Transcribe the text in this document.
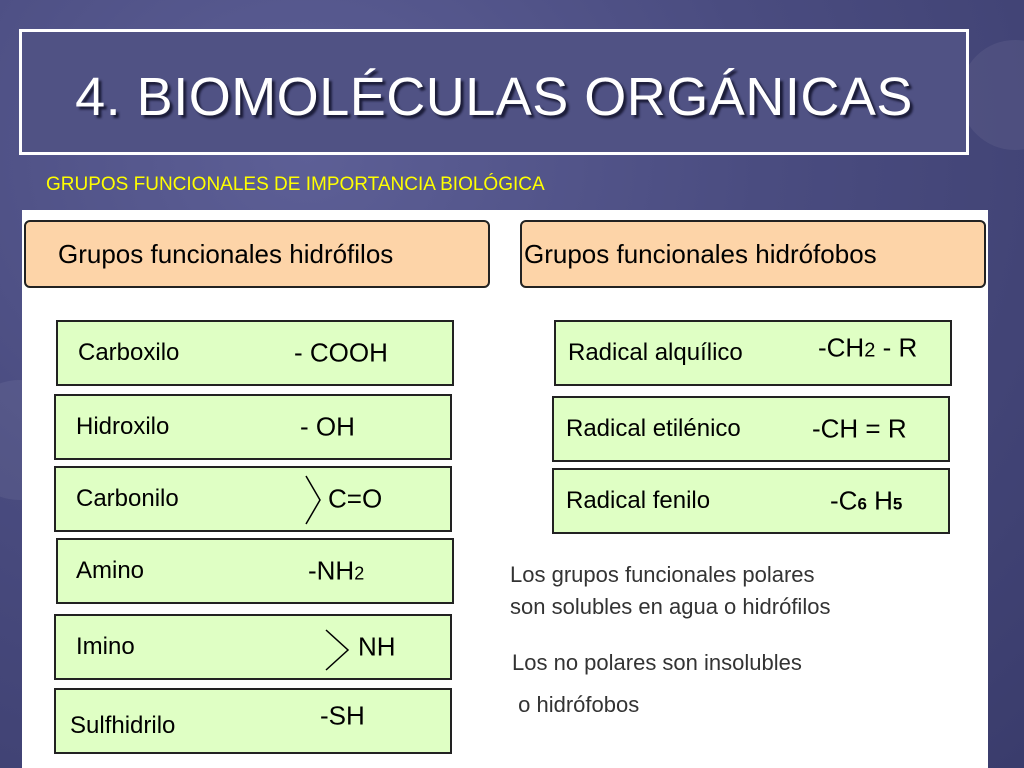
4. BIOMOLÉCULAS ORGÁNICAS
GRUPOS FUNCIONALES DE IMPORTANCIA BIOLÓGICA
Grupos funcionales hidrófilos	Grupos funcionales hidrófobos
Carboxilo	- COOH
Hidroxilo	- OH
Carbonilo	C=O
Amino	-NH2
Imino	NH
Sulfhidrilo	-SH
Radical alquílico	-CH2 - R
Radical etilénico	-CH = R
Radical fenilo	-C6 H5
Los grupos funcionales polares
son solubles en agua o hidrófilos
Los no polares son insolubles
o hidrófobos
